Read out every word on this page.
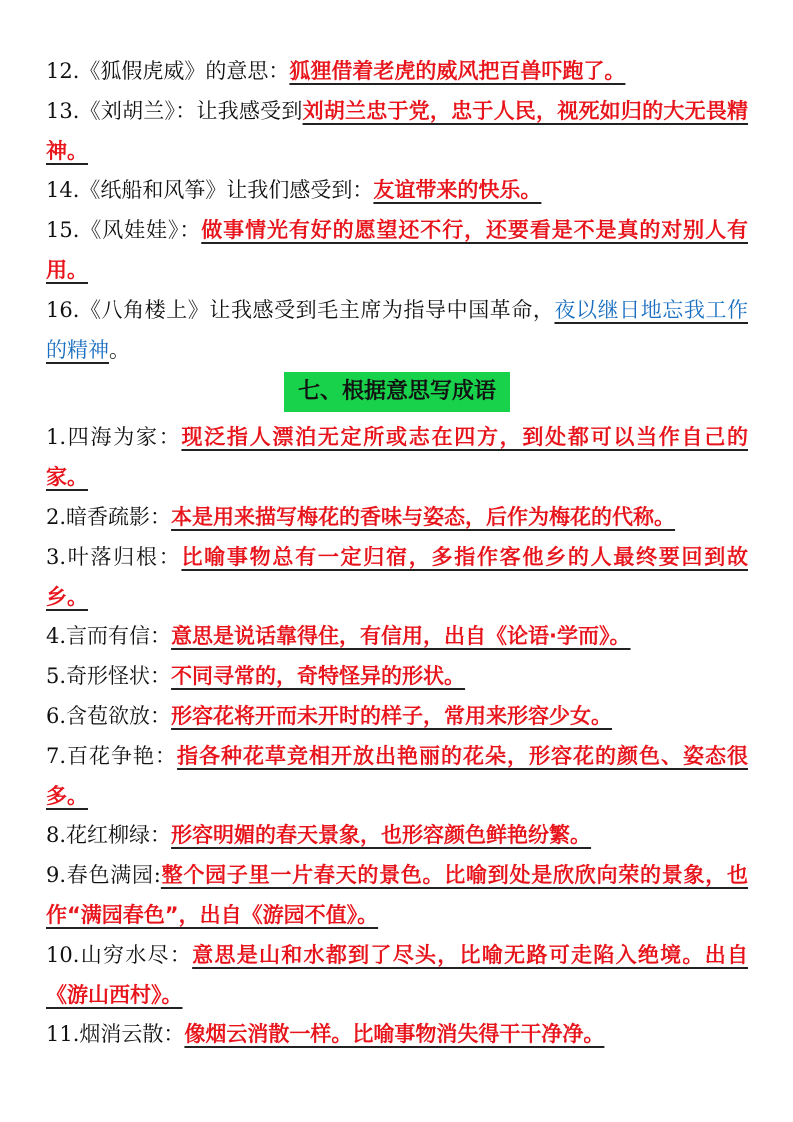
12.《狐假虎威》的意思：狐狸借着老虎的威风把百兽吓跑了。

13.《刘胡兰》：让我感受到刘胡兰忠于党，忠于人民，视死如归的大无畏精神。

14.《纸船和风筝》让我们感受到：友谊带来的快乐。

15.《风娃娃》：做事情光有好的愿望还不行，还要看是不是真的对别人有用。

16.《八角楼上》让我感受到毛主席为指导中国革命，夜以继日地忘我工作的精神。

七、根据意思写成语

1.四海为家：现泛指人漂泊无定所或志在四方，到处都可以当作自己的家。

2.暗香疏影：本是用来描写梅花的香味与姿态，后作为梅花的代称。

3.叶落归根：比喻事物总有一定归宿，多指作客他乡的人最终要回到故乡。

4.言而有信：意思是说话靠得住，有信用，出自《论语·学而》。

5.奇形怪状：不同寻常的，奇特怪异的形状。

6.含苞欲放：形容花将开而未开时的样子，常用来形容少女。

7.百花争艳：指各种花草竞相开放出艳丽的花朵，形容花的颜色、姿态很多。

8.花红柳绿：形容明媚的春天景象，也形容颜色鲜艳纷繁。

9.春色满园:整个园子里一片春天的景色。比喻到处是欣欣向荣的景象，也作“满园春色”，出自《游园不值》。

10.山穷水尽：意思是山和水都到了尽头，比喻无路可走陷入绝境。出自《游山西村》。

11.烟消云散：像烟云消散一样。比喻事物消失得干干净净。
